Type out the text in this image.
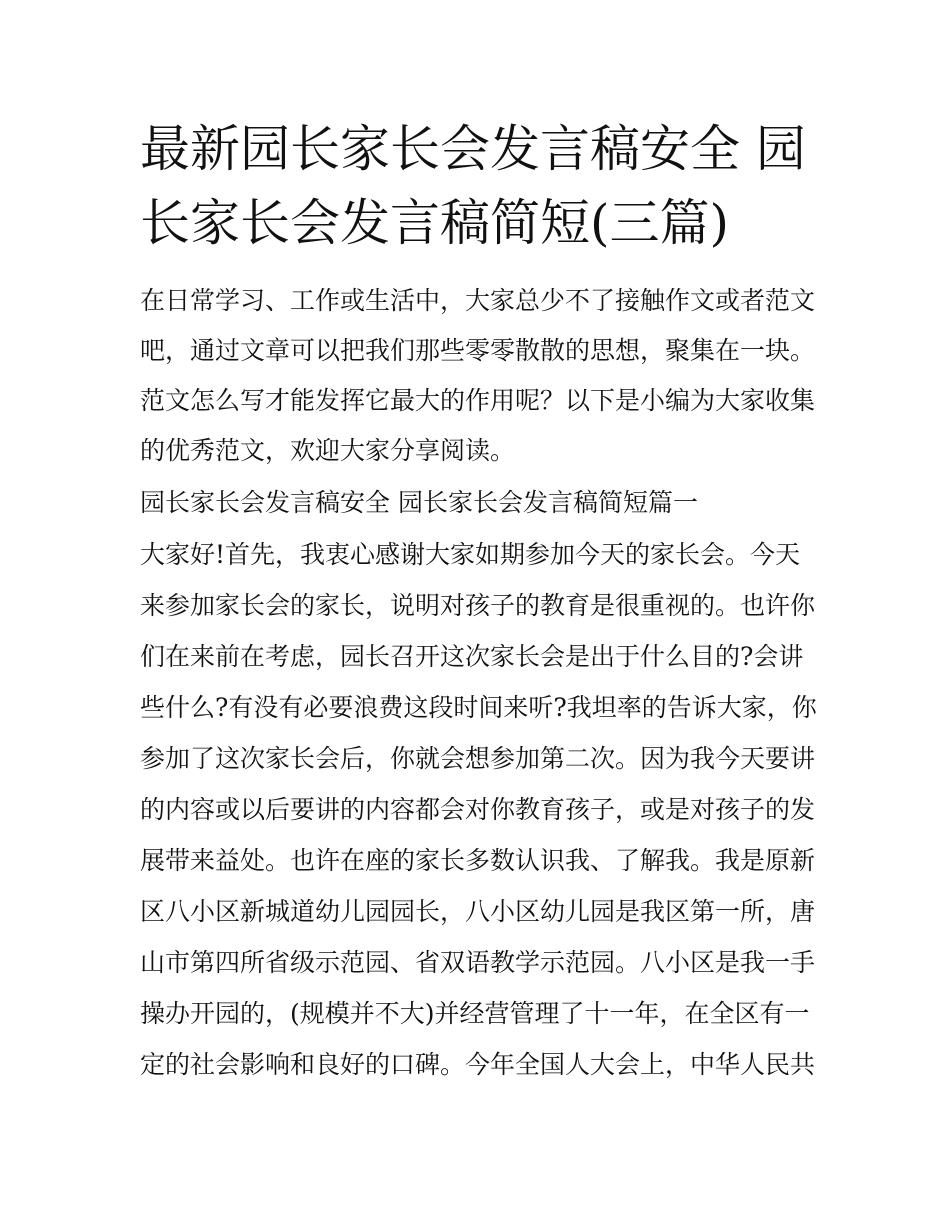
最新园长家长会发言稿安全 园
长家长会发言稿简短(三篇)

在日常学习、工作或生活中，大家总少不了接触作文或者范文

吧，通过文章可以把我们那些零零散散的思想，聚集在一块。

范文怎么写才能发挥它最大的作用呢？以下是小编为大家收集

的优秀范文，欢迎大家分享阅读。

园长家长会发言稿安全 园长家长会发言稿简短篇一

大家好!首先，我衷心感谢大家如期参加今天的家长会。今天

来参加家长会的家长，说明对孩子的教育是很重视的。也许你

们在来前在考虑，园长召开这次家长会是出于什么目的?会讲

些什么?有没有必要浪费这段时间来听?我坦率的告诉大家，你

参加了这次家长会后，你就会想参加第二次。因为我今天要讲

的内容或以后要讲的内容都会对你教育孩子，或是对孩子的发

展带来益处。也许在座的家长多数认识我、了解我。我是原新

区八小区新城道幼儿园园长，八小区幼儿园是我区第一所，唐

山市第四所省级示范园、省双语教学示范园。八小区是我一手

操办开园的，(规模并不大)并经营管理了十一年，在全区有一

定的社会影响和良好的口碑。今年全国人大会上，中华人民共
